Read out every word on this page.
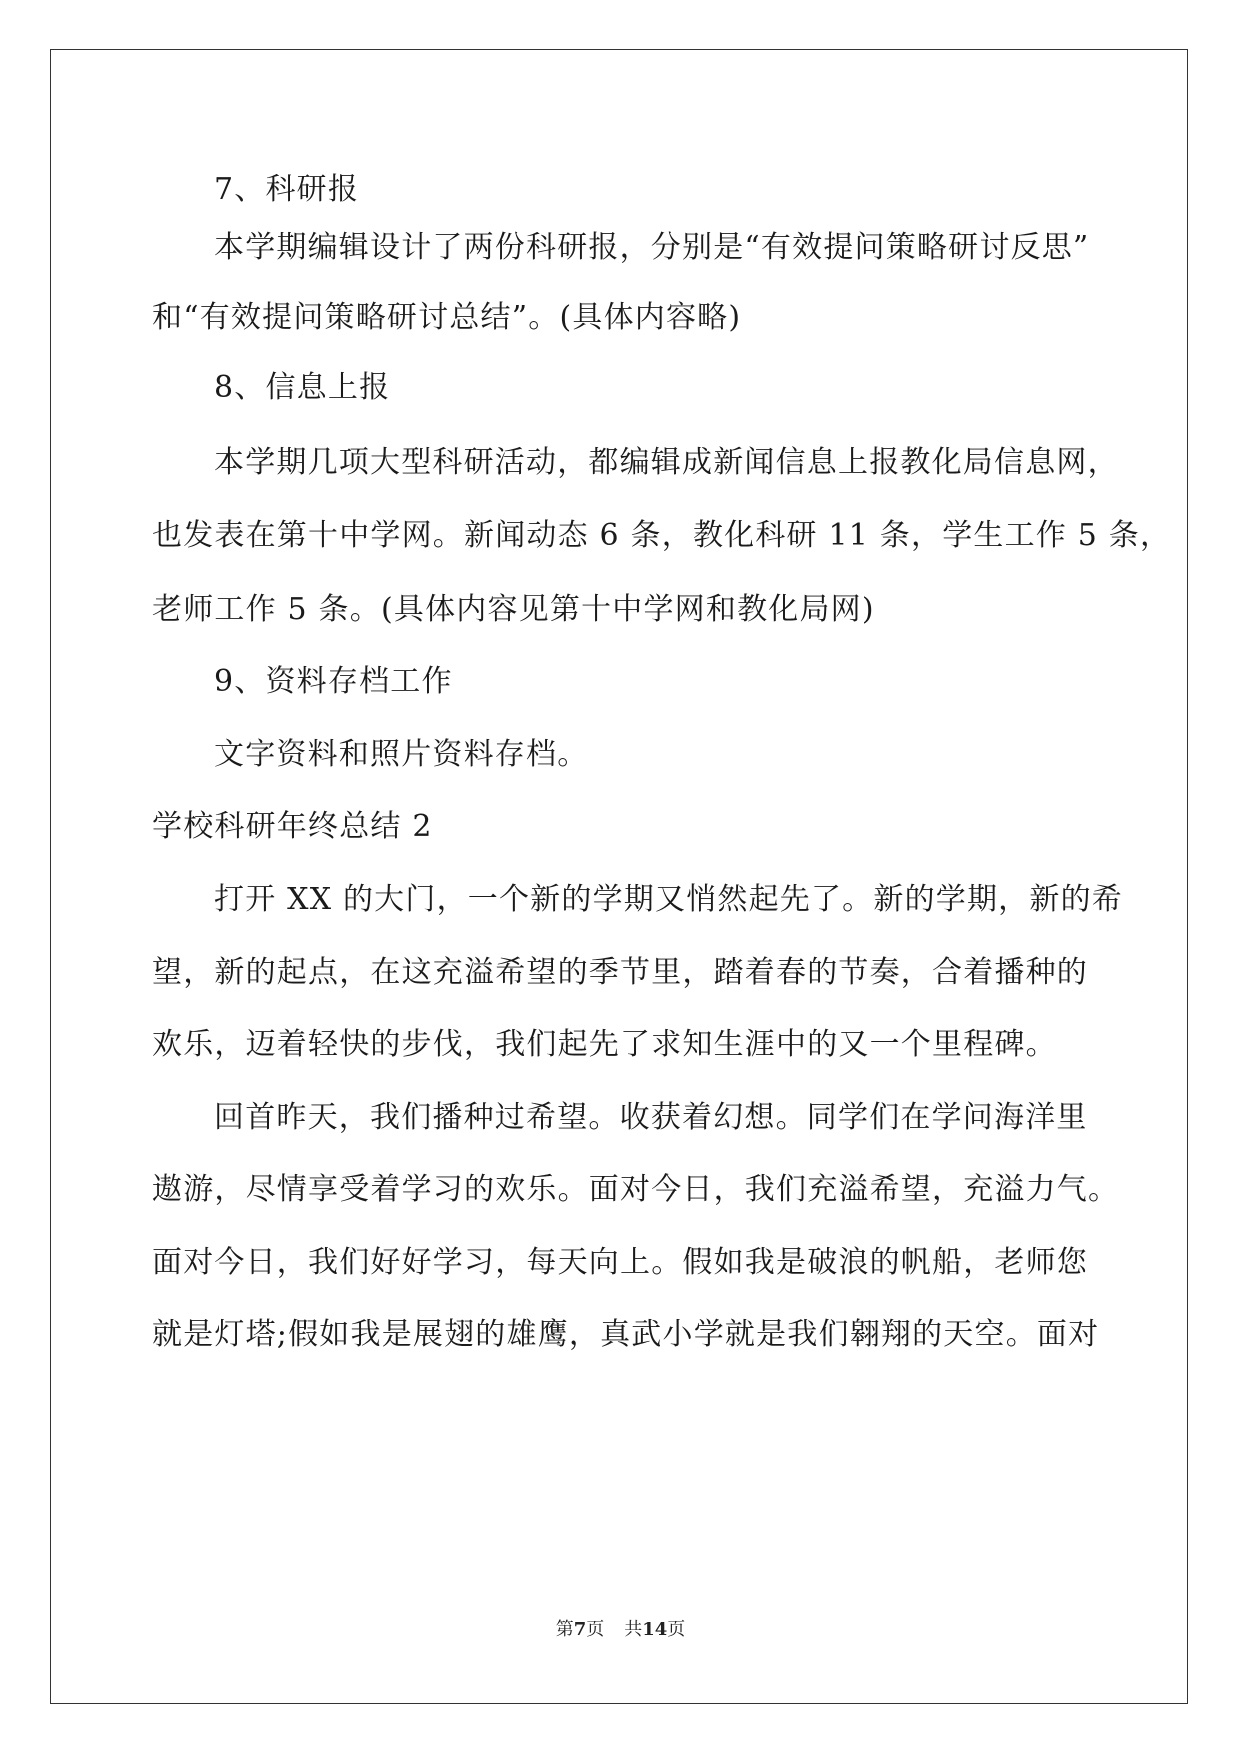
7、科研报
本学期编辑设计了两份科研报，分别是“有效提问策略研讨反思”
和“有效提问策略研讨总结”。(具体内容略)
8、信息上报
本学期几项大型科研活动，都编辑成新闻信息上报教化局信息网，
也发表在第十中学网。新闻动态 6 条，教化科研 11 条，学生工作 5 条，
老师工作 5 条。(具体内容见第十中学网和教化局网)
9、资料存档工作
文字资料和照片资料存档。
学校科研年终总结 2
打开 XX 的大门，一个新的学期又悄然起先了。新的学期，新的希
望，新的起点，在这充溢希望的季节里，踏着春的节奏，合着播种的
欢乐，迈着轻快的步伐，我们起先了求知生涯中的又一个里程碑。
回首昨天，我们播种过希望。收获着幻想。同学们在学问海洋里
遨游，尽情享受着学习的欢乐。面对今日，我们充溢希望，充溢力气。
面对今日，我们好好学习，每天向上。假如我是破浪的帆船，老师您
就是灯塔;假如我是展翅的雄鹰，真武小学就是我们翱翔的天空。面对
第7页 共14页
